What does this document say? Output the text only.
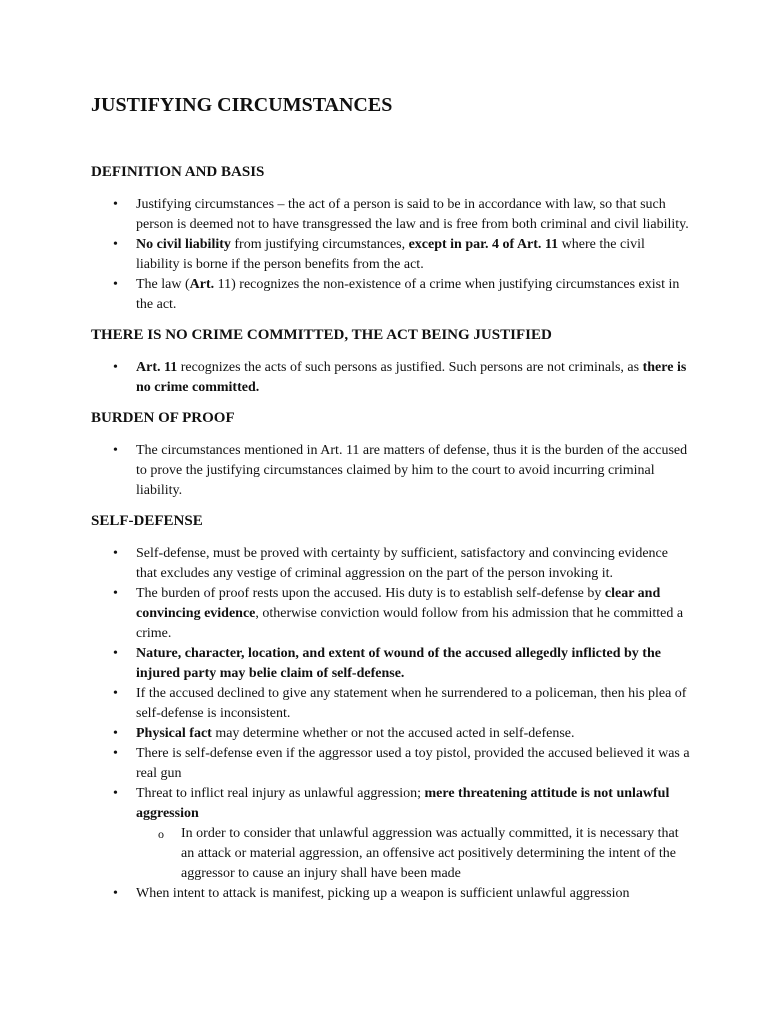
JUSTIFYING CIRCUMSTANCES
DEFINITION AND BASIS
• Justifying circumstances – the act of a person is said to be in accordance with law, so that such person is deemed not to have transgressed the law and is free from both criminal and civil liability.
• No civil liability from justifying circumstances, except in par. 4 of Art. 11 where the civil liability is borne if the person benefits from the act.
• The law (Art. 11) recognizes the non-existence of a crime when justifying circumstances exist in the act.
THERE IS NO CRIME COMMITTED, THE ACT BEING JUSTIFIED
• Art. 11 recognizes the acts of such persons as justified. Such persons are not criminals, as there is no crime committed.
BURDEN OF PROOF
• The circumstances mentioned in Art. 11 are matters of defense, thus it is the burden of the accused to prove the justifying circumstances claimed by him to the court to avoid incurring criminal liability.
SELF-DEFENSE
• Self-defense, must be proved with certainty by sufficient, satisfactory and convincing evidence that excludes any vestige of criminal aggression on the part of the person invoking it.
• The burden of proof rests upon the accused. His duty is to establish self-defense by clear and convincing evidence, otherwise conviction would follow from his admission that he committed a crime.
• Nature, character, location, and extent of wound of the accused allegedly inflicted by the injured party may belie claim of self-defense.
• If the accused declined to give any statement when he surrendered to a policeman, then his plea of self-defense is inconsistent.
• Physical fact may determine whether or not the accused acted in self-defense.
• There is self-defense even if the aggressor used a toy pistol, provided the accused believed it was a real gun
• Threat to inflict real injury as unlawful aggression; mere threatening attitude is not unlawful aggression
o In order to consider that unlawful aggression was actually committed, it is necessary that an attack or material aggression, an offensive act positively determining the intent of the aggressor to cause an injury shall have been made
• When intent to attack is manifest, picking up a weapon is sufficient unlawful aggression
